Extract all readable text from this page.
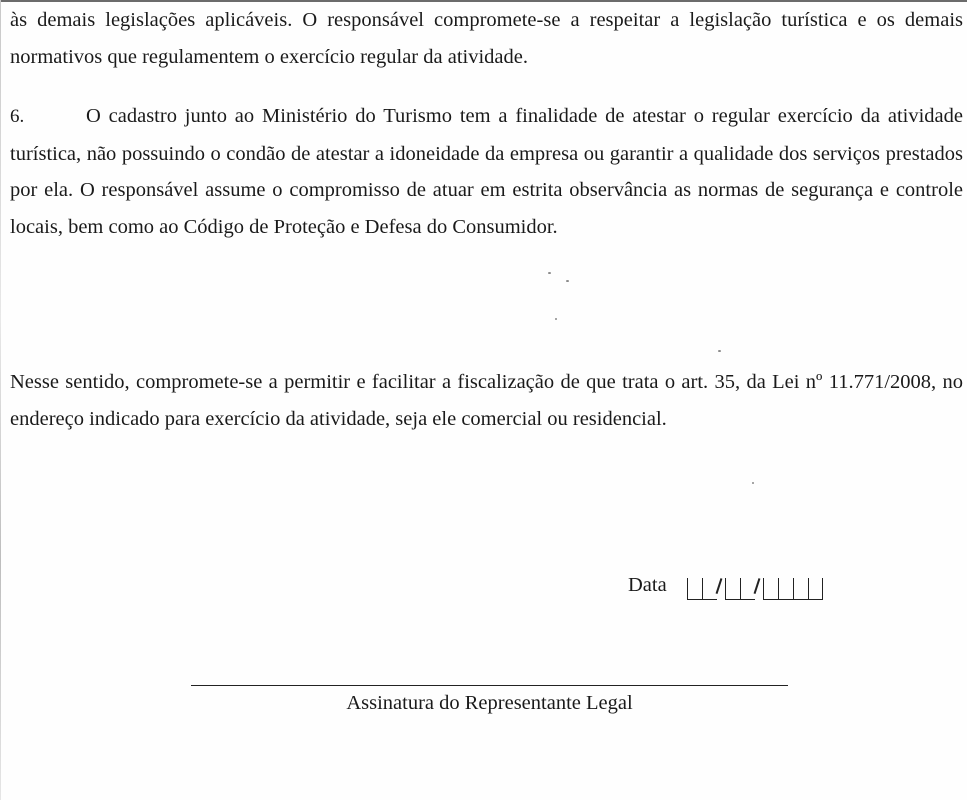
às demais legislações aplicáveis. O responsável compromete-se a respeitar a legislação turística e os demais normativos que regulamentem o exercício regular da atividade.

6.	O cadastro junto ao Ministério do Turismo tem a finalidade de atestar o regular exercício da atividade turística, não possuindo o condão de atestar a idoneidade da empresa ou garantir a qualidade dos serviços prestados por ela. O responsável assume o compromisso de atuar em estrita observância as normas de segurança e controle locais, bem como ao Código de Proteção e Defesa do Consumidor.

Nesse sentido, compromete-se a permitir e facilitar a fiscalização de que trata o art. 35, da Lei nº 11.771/2008, no endereço indicado para exercício da atividade, seja ele comercial ou residencial.

Data
Assinatura do Representante Legal
